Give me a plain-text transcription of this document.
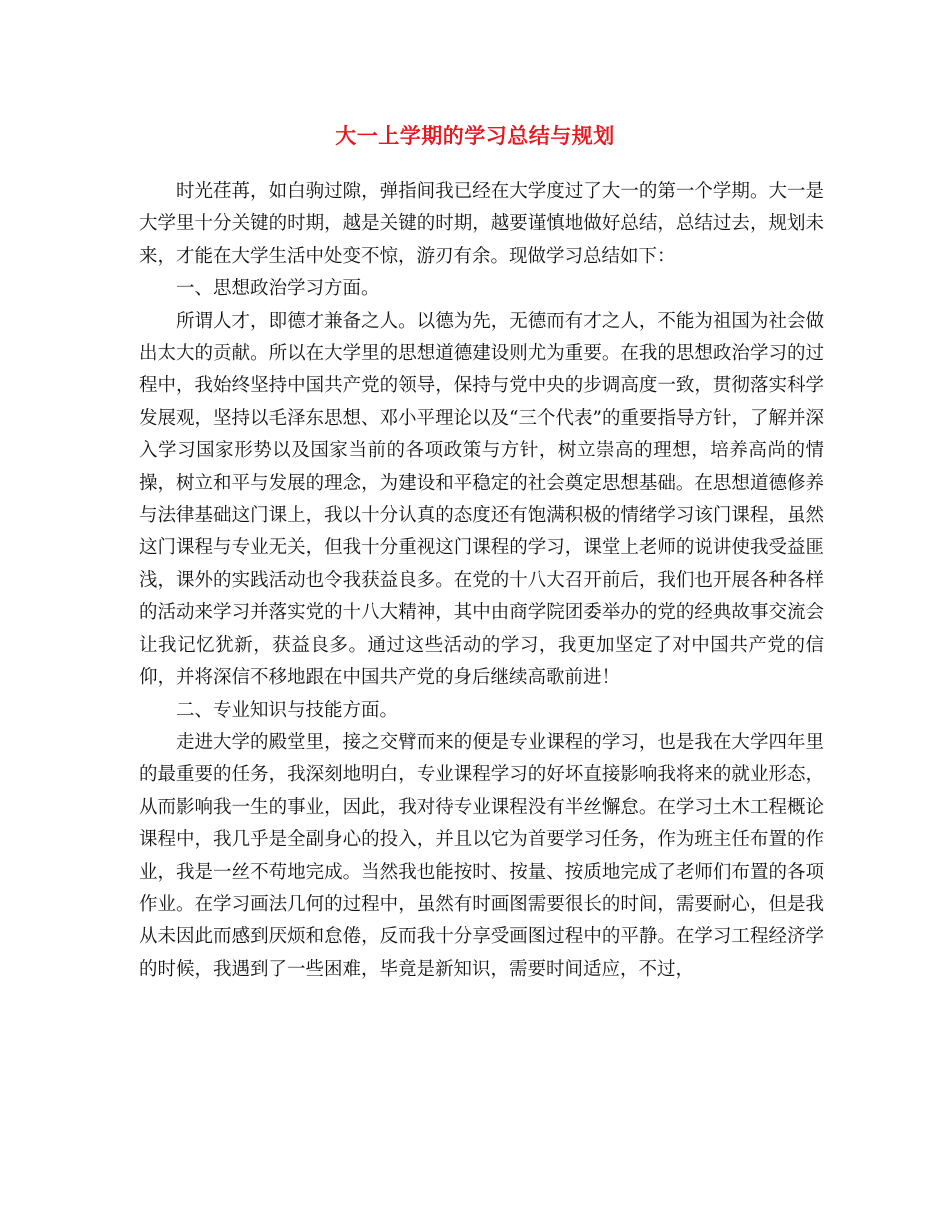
大一上学期的学习总结与规划

时光荏苒，如白驹过隙，弹指间我已经在大学度过了大一的第一个学期。大一是大学里十分关键的时期，越是关键的时期，越要谨慎地做好总结，总结过去，规划未来，才能在大学生活中处变不惊，游刃有余。现做学习总结如下：

一、思想政治学习方面。

所谓人才，即德才兼备之人。以德为先，无德而有才之人，不能为祖国为社会做出太大的贡献。所以在大学里的思想道德建设则尤为重要。在我的思想政治学习的过程中，我始终坚持中国共产党的领导，保持与党中央的步调高度一致，贯彻落实科学发展观，坚持以毛泽东思想、邓小平理论以及“三个代表”的重要指导方针，了解并深入学习国家形势以及国家当前的各项政策与方针，树立崇高的理想，培养高尚的情操，树立和平与发展的理念，为建设和平稳定的社会奠定思想基础。在思想道德修养与法律基础这门课上，我以十分认真的态度还有饱满积极的情绪学习该门课程，虽然这门课程与专业无关，但我十分重视这门课程的学习，课堂上老师的说讲使我受益匪浅，课外的实践活动也令我获益良多。在党的十八大召开前后，我们也开展各种各样的活动来学习并落实党的十八大精神，其中由商学院团委举办的党的经典故事交流会让我记忆犹新，获益良多。通过这些活动的学习，我更加坚定了对中国共产党的信仰，并将深信不移地跟在中国共产党的身后继续高歌前进！

二、专业知识与技能方面。

走进大学的殿堂里，接之交臂而来的便是专业课程的学习，也是我在大学四年里的最重要的任务，我深刻地明白，专业课程学习的好坏直接影响我将来的就业形态，从而影响我一生的事业，因此，我对待专业课程没有半丝懈怠。在学习土木工程概论课程中，我几乎是全副身心的投入，并且以它为首要学习任务，作为班主任布置的作业，我是一丝不苟地完成。当然我也能按时、按量、按质地完成了老师们布置的各项作业。在学习画法几何的过程中，虽然有时画图需要很长的时间，需要耐心，但是我从未因此而感到厌烦和怠倦，反而我十分享受画图过程中的平静。在学习工程经济学的时候，我遇到了一些困难，毕竟是新知识，需要时间适应，不过，
